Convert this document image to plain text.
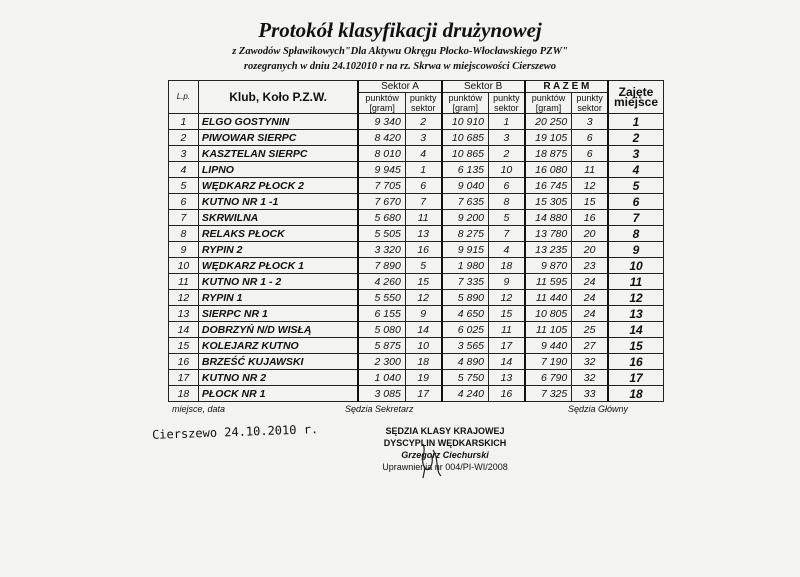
Protokół klasyfikacji drużynowej
z Zawodów Spławikowych"Dla Aktywu Okręgu Płocko-Włocławskiego PZW"
rozegranych w dniu 24.102010 r na rz. Skrwa w miejscowości Cierszewo
L.p.	Klub, Koło P.Z.W.	Sektor A		Sektor B		R A Z E M		Zajęte miejsce
		punktów [gram]	punkty sektor	punktów [gram]	punkty sektor	punktów [gram]	punkty sektor	
1	ELGO GOSTYNIN	9 340	2	10 910	1	20 250	3	1
2	PIWOWAR SIERPC	8 420	3	10 685	3	19 105	6	2
3	KASZTELAN SIERPC	8 010	4	10 865	2	18 875	6	3
4	LIPNO	9 945	1	6 135	10	16 080	11	4
5	WĘDKARZ PŁOCK 2	7 705	6	9 040	6	16 745	12	5
6	KUTNO NR 1 -1	7 670	7	7 635	8	15 305	15	6
7	SKRWILNA	5 680	11	9 200	5	14 880	16	7
8	RELAKS PŁOCK	5 505	13	8 275	7	13 780	20	8
9	RYPIN 2	3 320	16	9 915	4	13 235	20	9
10	WĘDKARZ PŁOCK 1	7 890	5	1 980	18	9 870	23	10
11	KUTNO NR 1 - 2	4 260	15	7 335	9	11 595	24	11
12	RYPIN 1	5 550	12	5 890	12	11 440	24	12
13	SIERPC NR 1	6 155	9	4 650	15	10 805	24	13
14	DOBRZYŃ N/D WISŁĄ	5 080	14	6 025	11	11 105	25	14
15	KOLEJARZ KUTNO	5 875	10	3 565	17	9 440	27	15
16	BRZEŚĆ KUJAWSKI	2 300	18	4 890	14	7 190	32	16
17	KUTNO NR 2	1 040	19	5 750	13	6 790	32	17
18	PŁOCK NR 1	3 085	17	4 240	16	7 325	33	18
miejsce, data	Sędzia Sekretarz	Sędzia Główny
Cierszewo 24.10.2010 r.	SĘDZIA KLASY KRAJOWEJ
DYSCYPLIN WĘDKARSKICH
Grzegorz Ciechurski
Uprawnienia nr 004/PI-WI/2008
